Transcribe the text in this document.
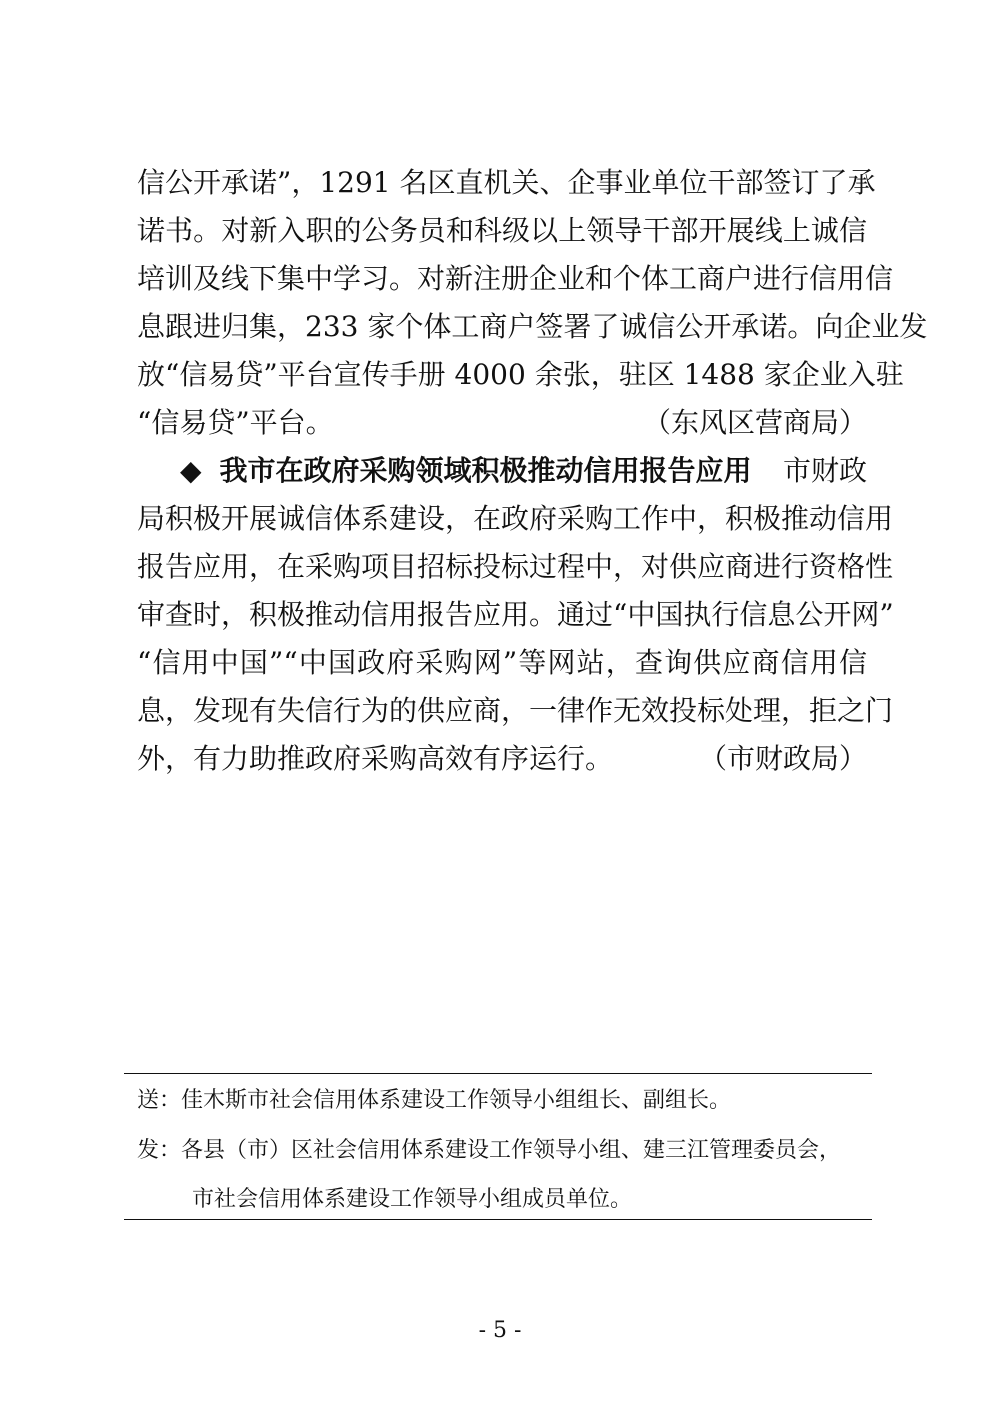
信公开承诺”，1291 名区直机关、企事业单位干部签订了承
诺书。对新入职的公务员和科级以上领导干部开展线上诚信
培训及线下集中学习。对新注册企业和个体工商户进行信用信
息跟进归集，233 家个体工商户签署了诚信公开承诺。向企业发
放“信易贷”平台宣传手册 4000 余张，驻区 1488 家企业入驻
“信易贷”平台。	（东风区营商局）
◆ 我市在政府采购领域积极推动信用报告应用 市财政
局积极开展诚信体系建设，在政府采购工作中，积极推动信用
报告应用，在采购项目招标投标过程中，对供应商进行资格性
审查时，积极推动信用报告应用。通过“中国执行信息公开网”
“信用中国”“中国政府采购网”等网站，查询供应商信用信
息，发现有失信行为的供应商，一律作无效投标处理，拒之门
外，有力助推政府采购高效有序运行。	（市财政局）
送：佳木斯市社会信用体系建设工作领导小组组长、副组长。
发：各县（市）区社会信用体系建设工作领导小组、建三江管理委员会，
市社会信用体系建设工作领导小组成员单位。
- 5 -
